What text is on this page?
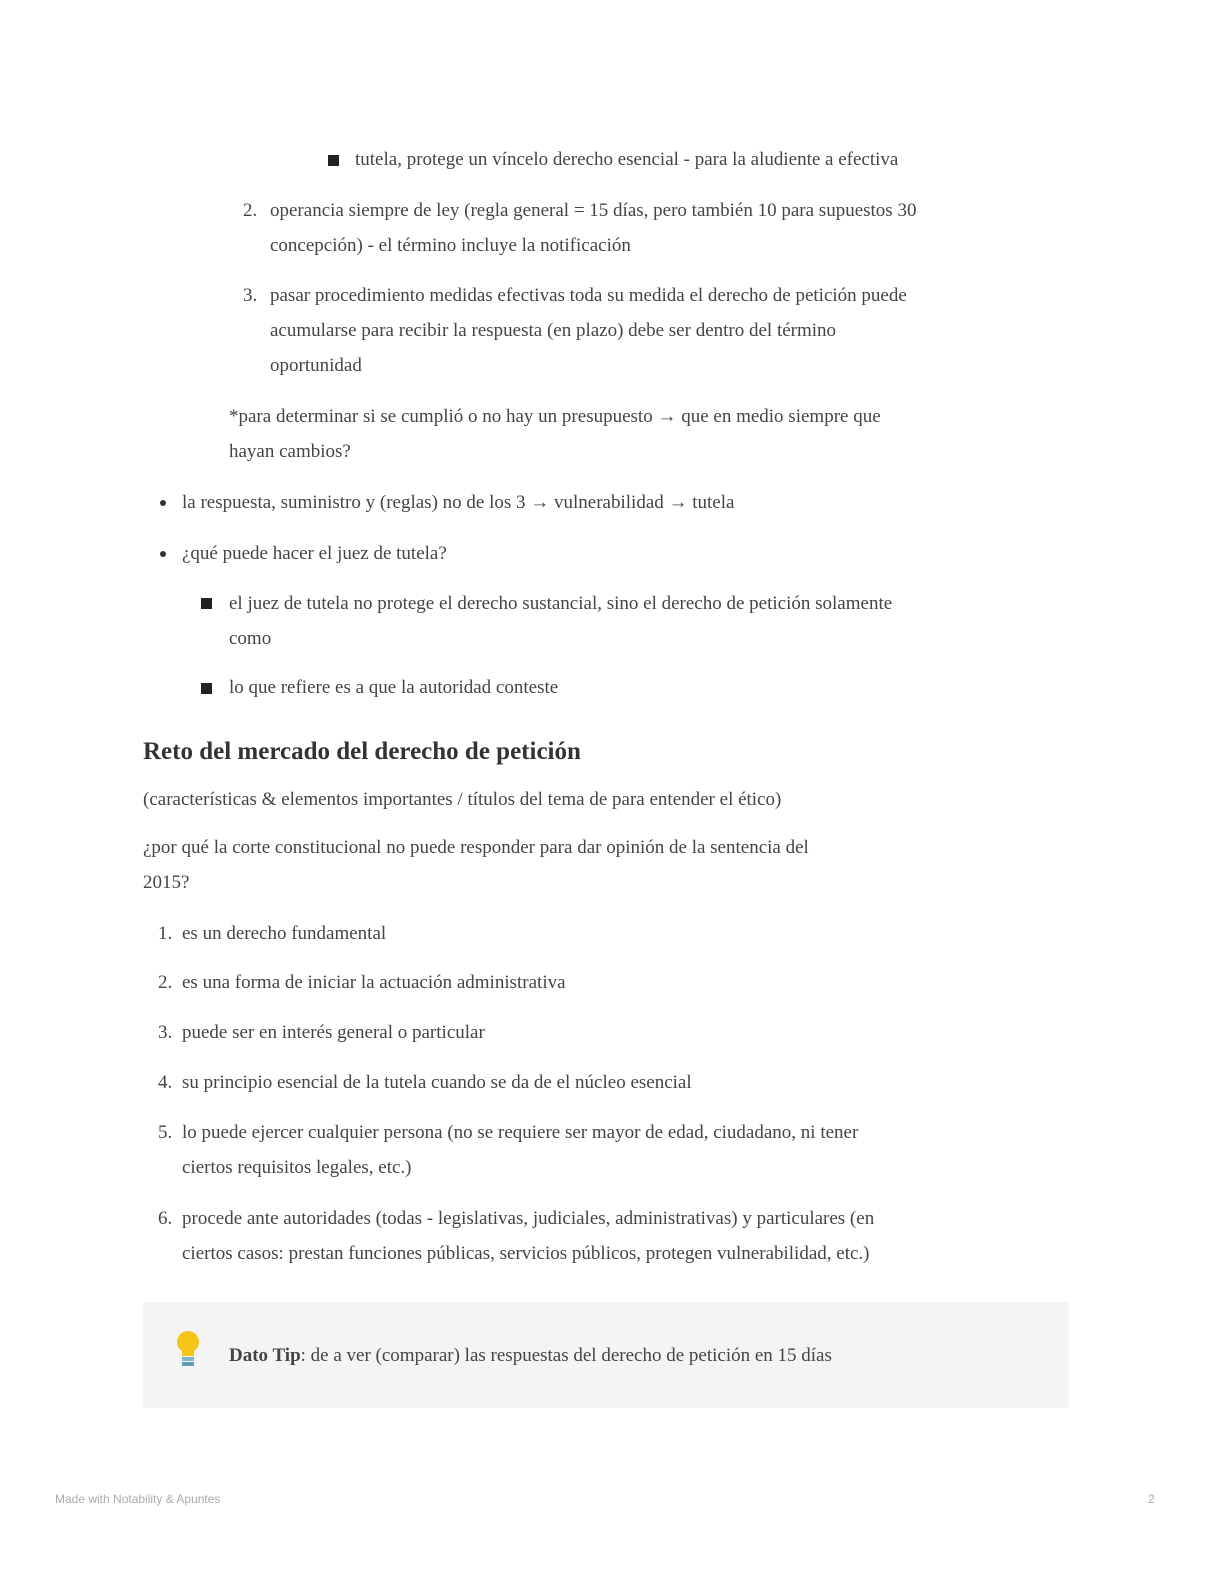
tutela, protege un víncelo derecho esencial - para la aludiente a efectiva
2. operancia siempre de ley (regla general = 15 días, pero también 10 para supuestos 30
concepción) - el término incluye la notificación
3. pasar procedimiento medidas efectivas toda su medida el derecho de petición puede
acumularse para recibir la respuesta (en plazo) debe ser dentro del término
oportunidad
*para determinar si se cumplió o no hay un presupuesto → que en medio siempre que
hayan cambios?
la respuesta, suministro y (reglas) no de los 3 → vulnerabilidad → tutela
¿qué puede hacer el juez de tutela?
el juez de tutela no protege el derecho sustancial, sino el derecho de petición solamente
como
lo que refiere es a que la autoridad conteste
Reto del mercado del derecho de petición
(características & elementos importantes / títulos del tema de para entender el ético)
¿por qué la corte constitucional no puede responder para dar opinión de la sentencia del
2015?
1. es un derecho fundamental
2. es una forma de iniciar la actuación administrativa
3. puede ser en interés general o particular
4. su principio esencial de la tutela cuando se da de el núcleo esencial
5. lo puede ejercer cualquier persona (no se requiere ser mayor de edad, ciudadano, ni tener
ciertos requisitos legales, etc.)
6. procede ante autoridades (todas - legislativas, judiciales, administrativas) y particulares (en
ciertos casos: prestan funciones públicas, servicios públicos, protegen vulnerabilidad, etc.)
Dato Tip: de a ver (comparar) las respuestas del derecho de petición en 15 días
Made with Notability & Apuntes	2
